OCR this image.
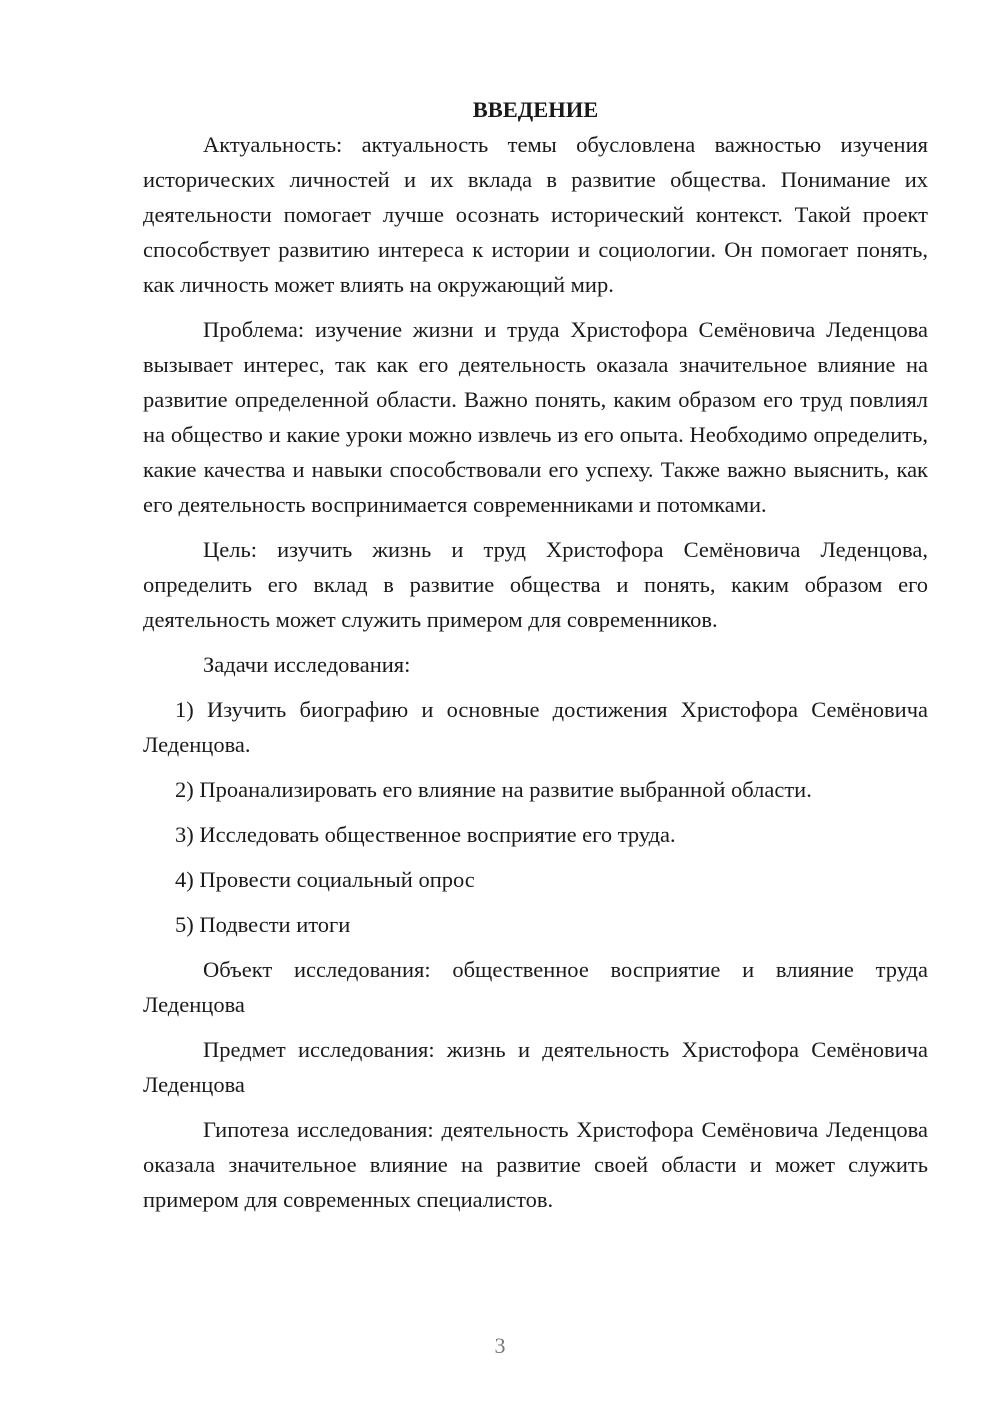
ВВЕДЕНИЕ

Актуальность: актуальность темы обусловлена важностью изучения исторических личностей и их вклада в развитие общества. Понимание их деятельности помогает лучше осознать исторический контекст. Такой проект способствует развитию интереса к истории и социологии. Он помогает понять, как личность может влиять на окружающий мир.

Проблема: изучение жизни и труда Христофора Семёновича Леденцова вызывает интерес, так как его деятельность оказала значительное влияние на развитие определенной области. Важно понять, каким образом его труд повлиял на общество и какие уроки можно извлечь из его опыта. Необходимо определить, какие качества и навыки способствовали его успеху. Также важно выяснить, как его деятельность воспринимается современниками и потомками.

Цель: изучить жизнь и труд Христофора Семёновича Леденцова, определить его вклад в развитие общества и понять, каким образом его деятельность может служить примером для современников.

Задачи исследования:

1) Изучить биографию и основные достижения Христофора Семёновича Леденцова.

2) Проанализировать его влияние на развитие выбранной области.

3) Исследовать общественное восприятие его труда.

4) Провести социальный опрос

5) Подвести итоги

Объект исследования: общественное восприятие и влияние труда Леденцова

Предмет исследования: жизнь и деятельность Христофора Семёновича Леденцова

Гипотеза исследования: деятельность Христофора Семёновича Леденцова оказала значительное влияние на развитие своей области и может служить примером для современных специалистов.

3
